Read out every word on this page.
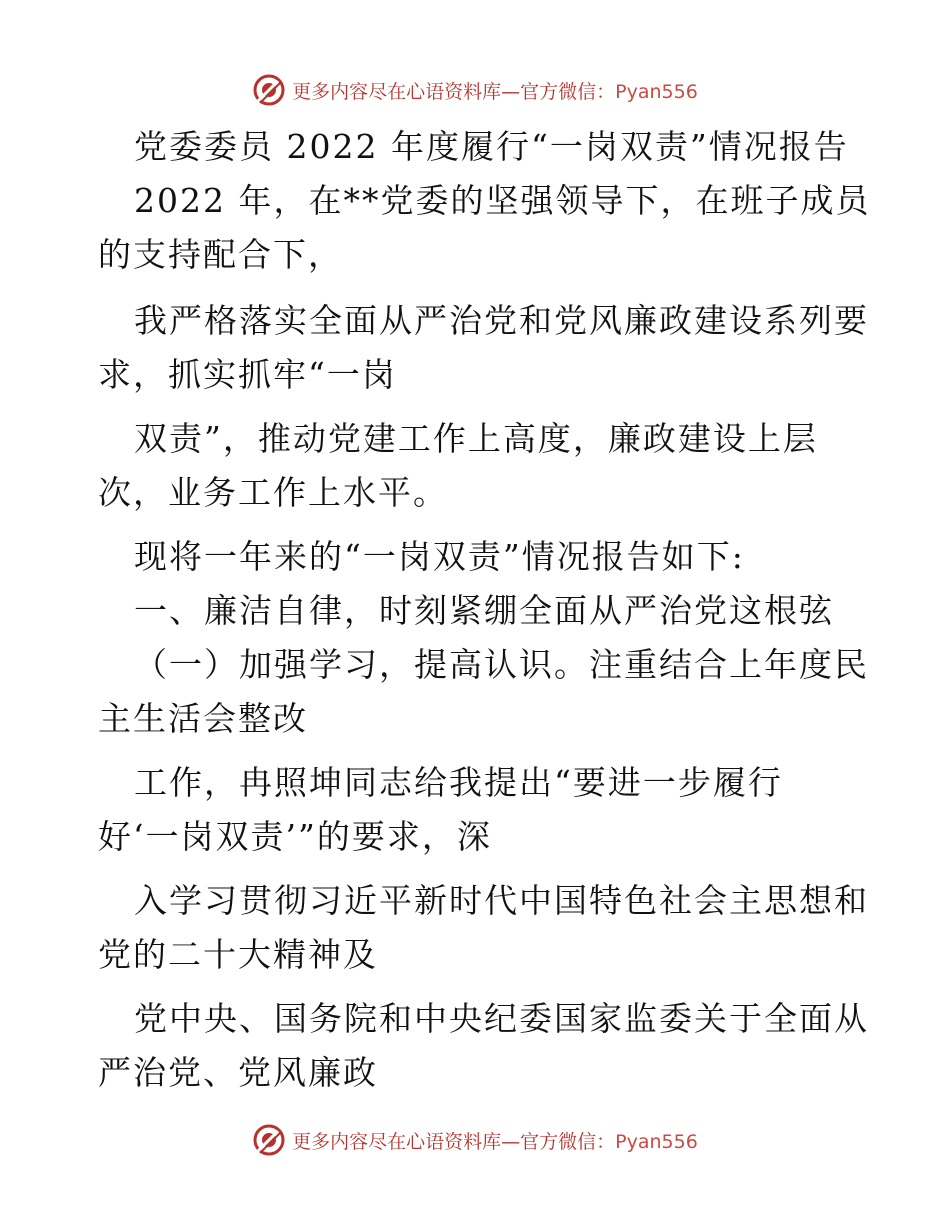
更多内容尽在心语资料库—官方微信：Pyan556
党委委员 2022 年度履行“一岗双责”情况报告
2022 年，在**党委的坚强领导下，在班子成员
的支持配合下，
我严格落实全面从严治党和党风廉政建设系列要
求，抓实抓牢“一岗
双责”，推动党建工作上高度，廉政建设上层
次，业务工作上水平。
现将一年来的“一岗双责”情况报告如下:
一、廉洁自律，时刻紧绷全面从严治党这根弦
（一）加强学习，提高认识。注重结合上年度民
主生活会整改
工作，冉照坤同志给我提出“要进一步履行
好‘一岗双责’”的要求，深
入学习贯彻习近平新时代中国特色社会主思想和
党的二十大精神及
党中央、国务院和中央纪委国家监委关于全面从
严治党、党风廉政
更多内容尽在心语资料库—官方微信：Pyan556
